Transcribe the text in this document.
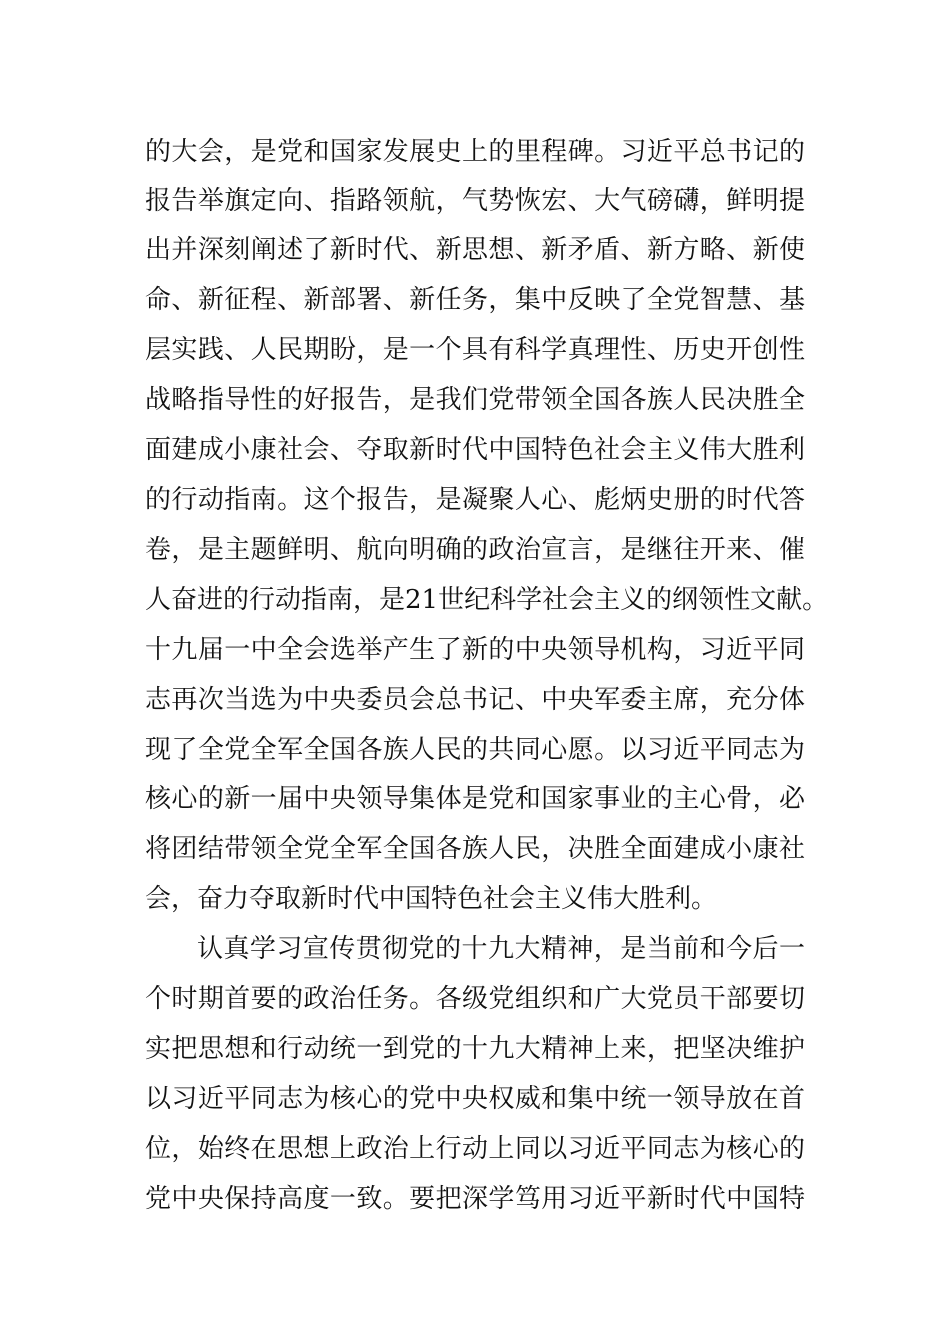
的大会，是党和国家发展史上的里程碑。习近平总书记的
报告举旗定向、指路领航，气势恢宏、大气磅礴，鲜明提
出并深刻阐述了新时代、新思想、新矛盾、新方略、新使
命、新征程、新部署、新任务，集中反映了全党智慧、基
层实践、人民期盼，是一个具有科学真理性、历史开创性
战略指导性的好报告，是我们党带领全国各族人民决胜全
面建成小康社会、夺取新时代中国特色社会主义伟大胜利
的行动指南。这个报告，是凝聚人心、彪炳史册的时代答
卷，是主题鲜明、航向明确的政治宣言，是继往开来、催
人奋进的行动指南，是21世纪科学社会主义的纲领性文献。
十九届一中全会选举产生了新的中央领导机构，习近平同
志再次当选为中央委员会总书记、中央军委主席，充分体
现了全党全军全国各族人民的共同心愿。以习近平同志为
核心的新一届中央领导集体是党和国家事业的主心骨，必
将团结带领全党全军全国各族人民，决胜全面建成小康社
会，奋力夺取新时代中国特色社会主义伟大胜利。
认真学习宣传贯彻党的十九大精神，是当前和今后一
个时期首要的政治任务。各级党组织和广大党员干部要切
实把思想和行动统一到党的十九大精神上来，把坚决维护
以习近平同志为核心的党中央权威和集中统一领导放在首
位，始终在思想上政治上行动上同以习近平同志为核心的
党中央保持高度一致。要把深学笃用习近平新时代中国特
